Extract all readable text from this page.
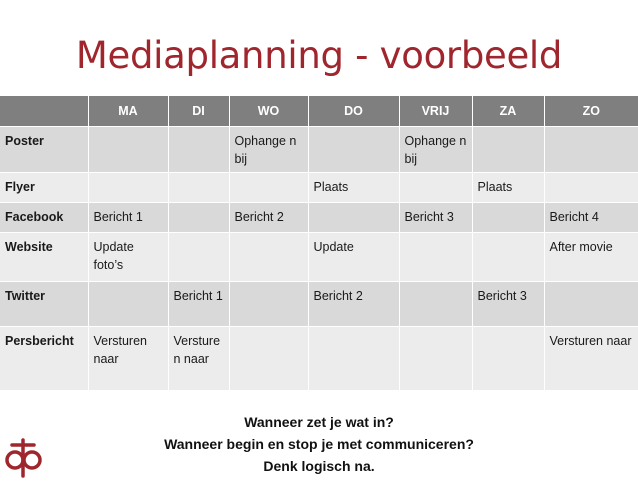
Mediaplanning - voorbeeld
	MA	DI	WO	DO	VRIJ	ZA	ZO
Poster			Ophange n bij		Ophange n bij		
Flyer				Plaats		Plaats	
Facebook	Bericht 1		Bericht 2		Bericht 3		Bericht 4
Website	Update foto’s			Update			After movie
Twitter		Bericht 1		Bericht 2		Bericht 3	
Persbericht	Versturen naar	Versturen naar					Versturen naar
Wanneer zet je wat in?
Wanneer begin en stop je met communiceren?
Denk logisch na.
